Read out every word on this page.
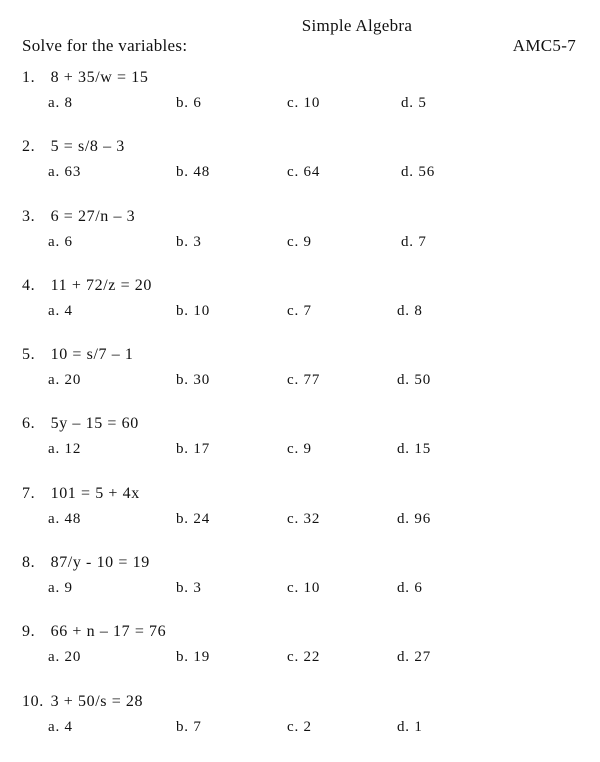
Simple Algebra
Solve for the variables:	AMC5-7
1. 8 + 35/w = 15
a. 8	b. 6	c. 10	d. 5
2. 5 = s/8 – 3
a. 63	b. 48	c. 64	d. 56
3. 6 = 27/n – 3
a. 6	b. 3	c. 9	d. 7
4. 11 + 72/z = 20
a. 4	b. 10	c. 7	d. 8
5. 10 = s/7 – 1
a. 20	b. 30	c. 77	d. 50
6. 5y – 15 = 60
a. 12	b. 17	c. 9	d. 15
7. 101 = 5 + 4x
a. 48	b. 24	c. 32	d. 96
8. 87/y - 10 = 19
a. 9	b. 3	c. 10	d. 6
9. 66 + n – 17 = 76
a. 20	b. 19	c. 22	d. 27
10. 3 + 50/s = 28
a. 4	b. 7	c. 2	d. 1
